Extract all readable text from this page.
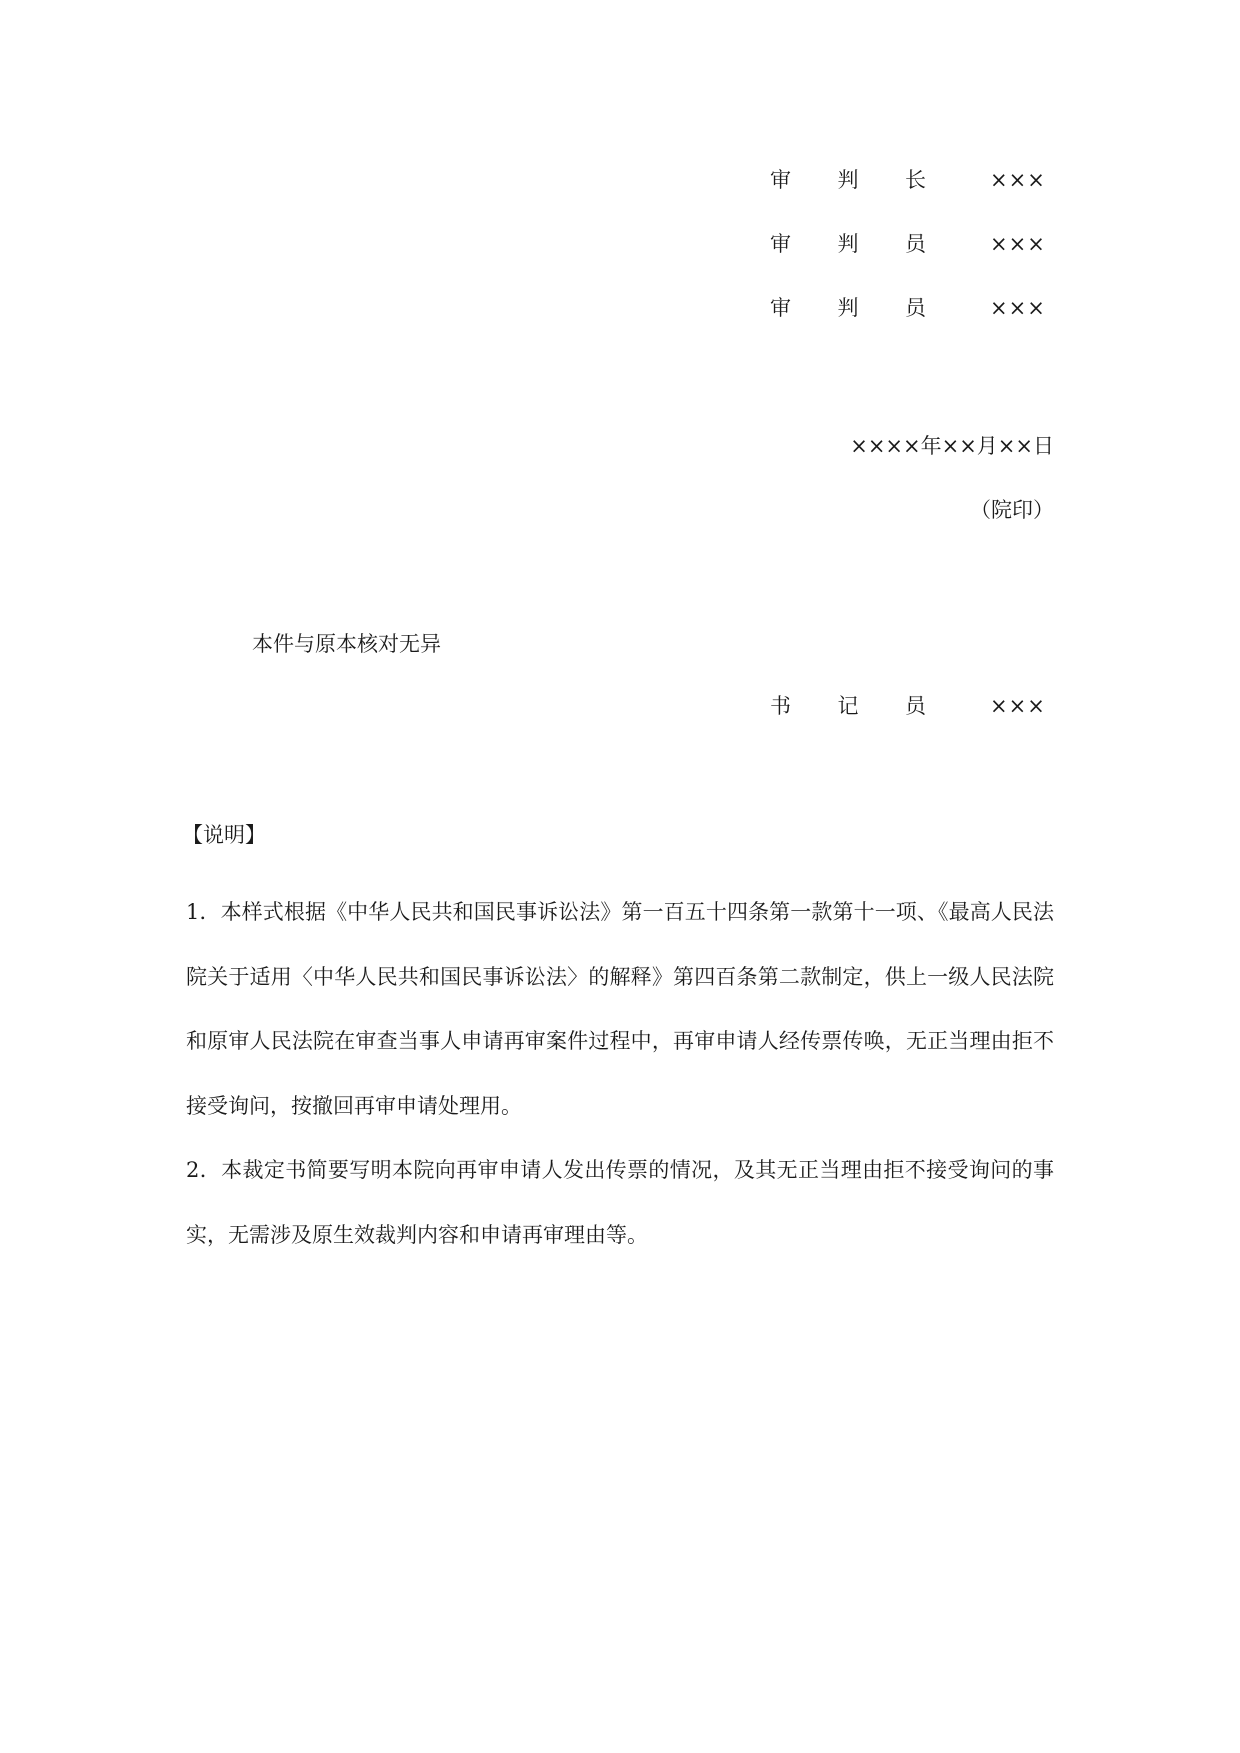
审 判 长	×××
审 判 员	×××
审 判 员	×××
××××年××月××日
（院印）
本件与原本核对无异
书 记 员	×××
【说明】

1．本样式根据《中华人民共和国民事诉讼法》第一百五十四条第一款第十一项、《最高人民法院关于适用〈中华人民共和国民事诉讼法〉的解释》第四百条第二款制定，供上一级人民法院和原审人民法院在审查当事人申请再审案件过程中，再审申请人经传票传唤，无正当理由拒不接受询问，按撤回再审申请处理用。

2．本裁定书简要写明本院向再审申请人发出传票的情况，及其无正当理由拒不接受询问的事实，无需涉及原生效裁判内容和申请再审理由等。
